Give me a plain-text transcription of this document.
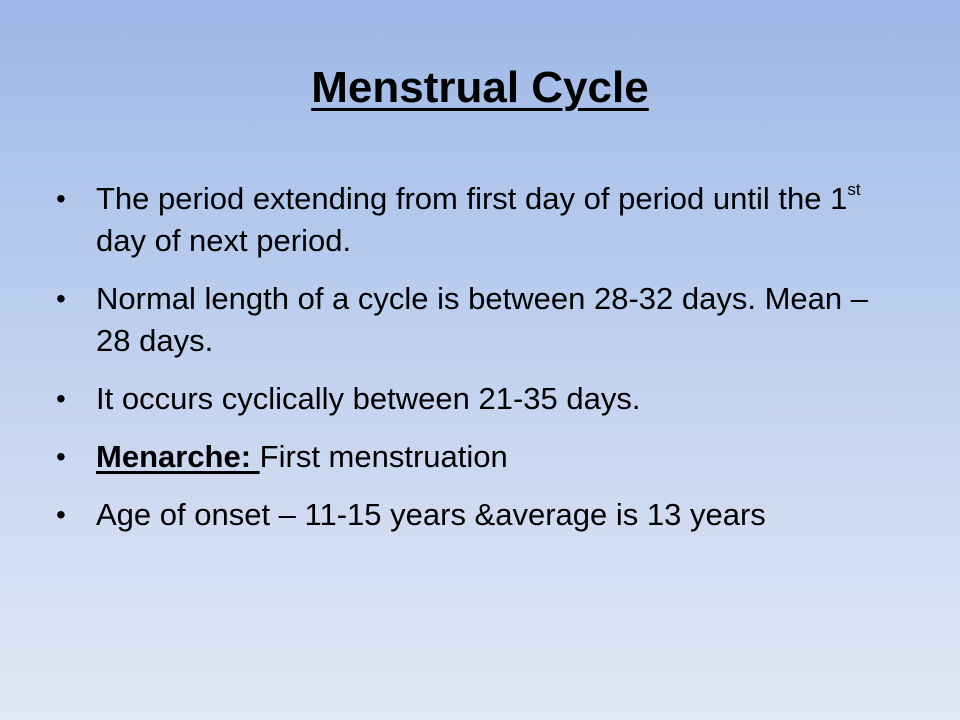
Menstrual Cycle
• The period extending from first day of period until the 1st day of next period.
• Normal length of a cycle is between 28-32 days. Mean – 28 days.
• It occurs cyclically between 21-35 days.
• Menarche: First menstruation
• Age of onset – 11-15 years &average is 13 years
